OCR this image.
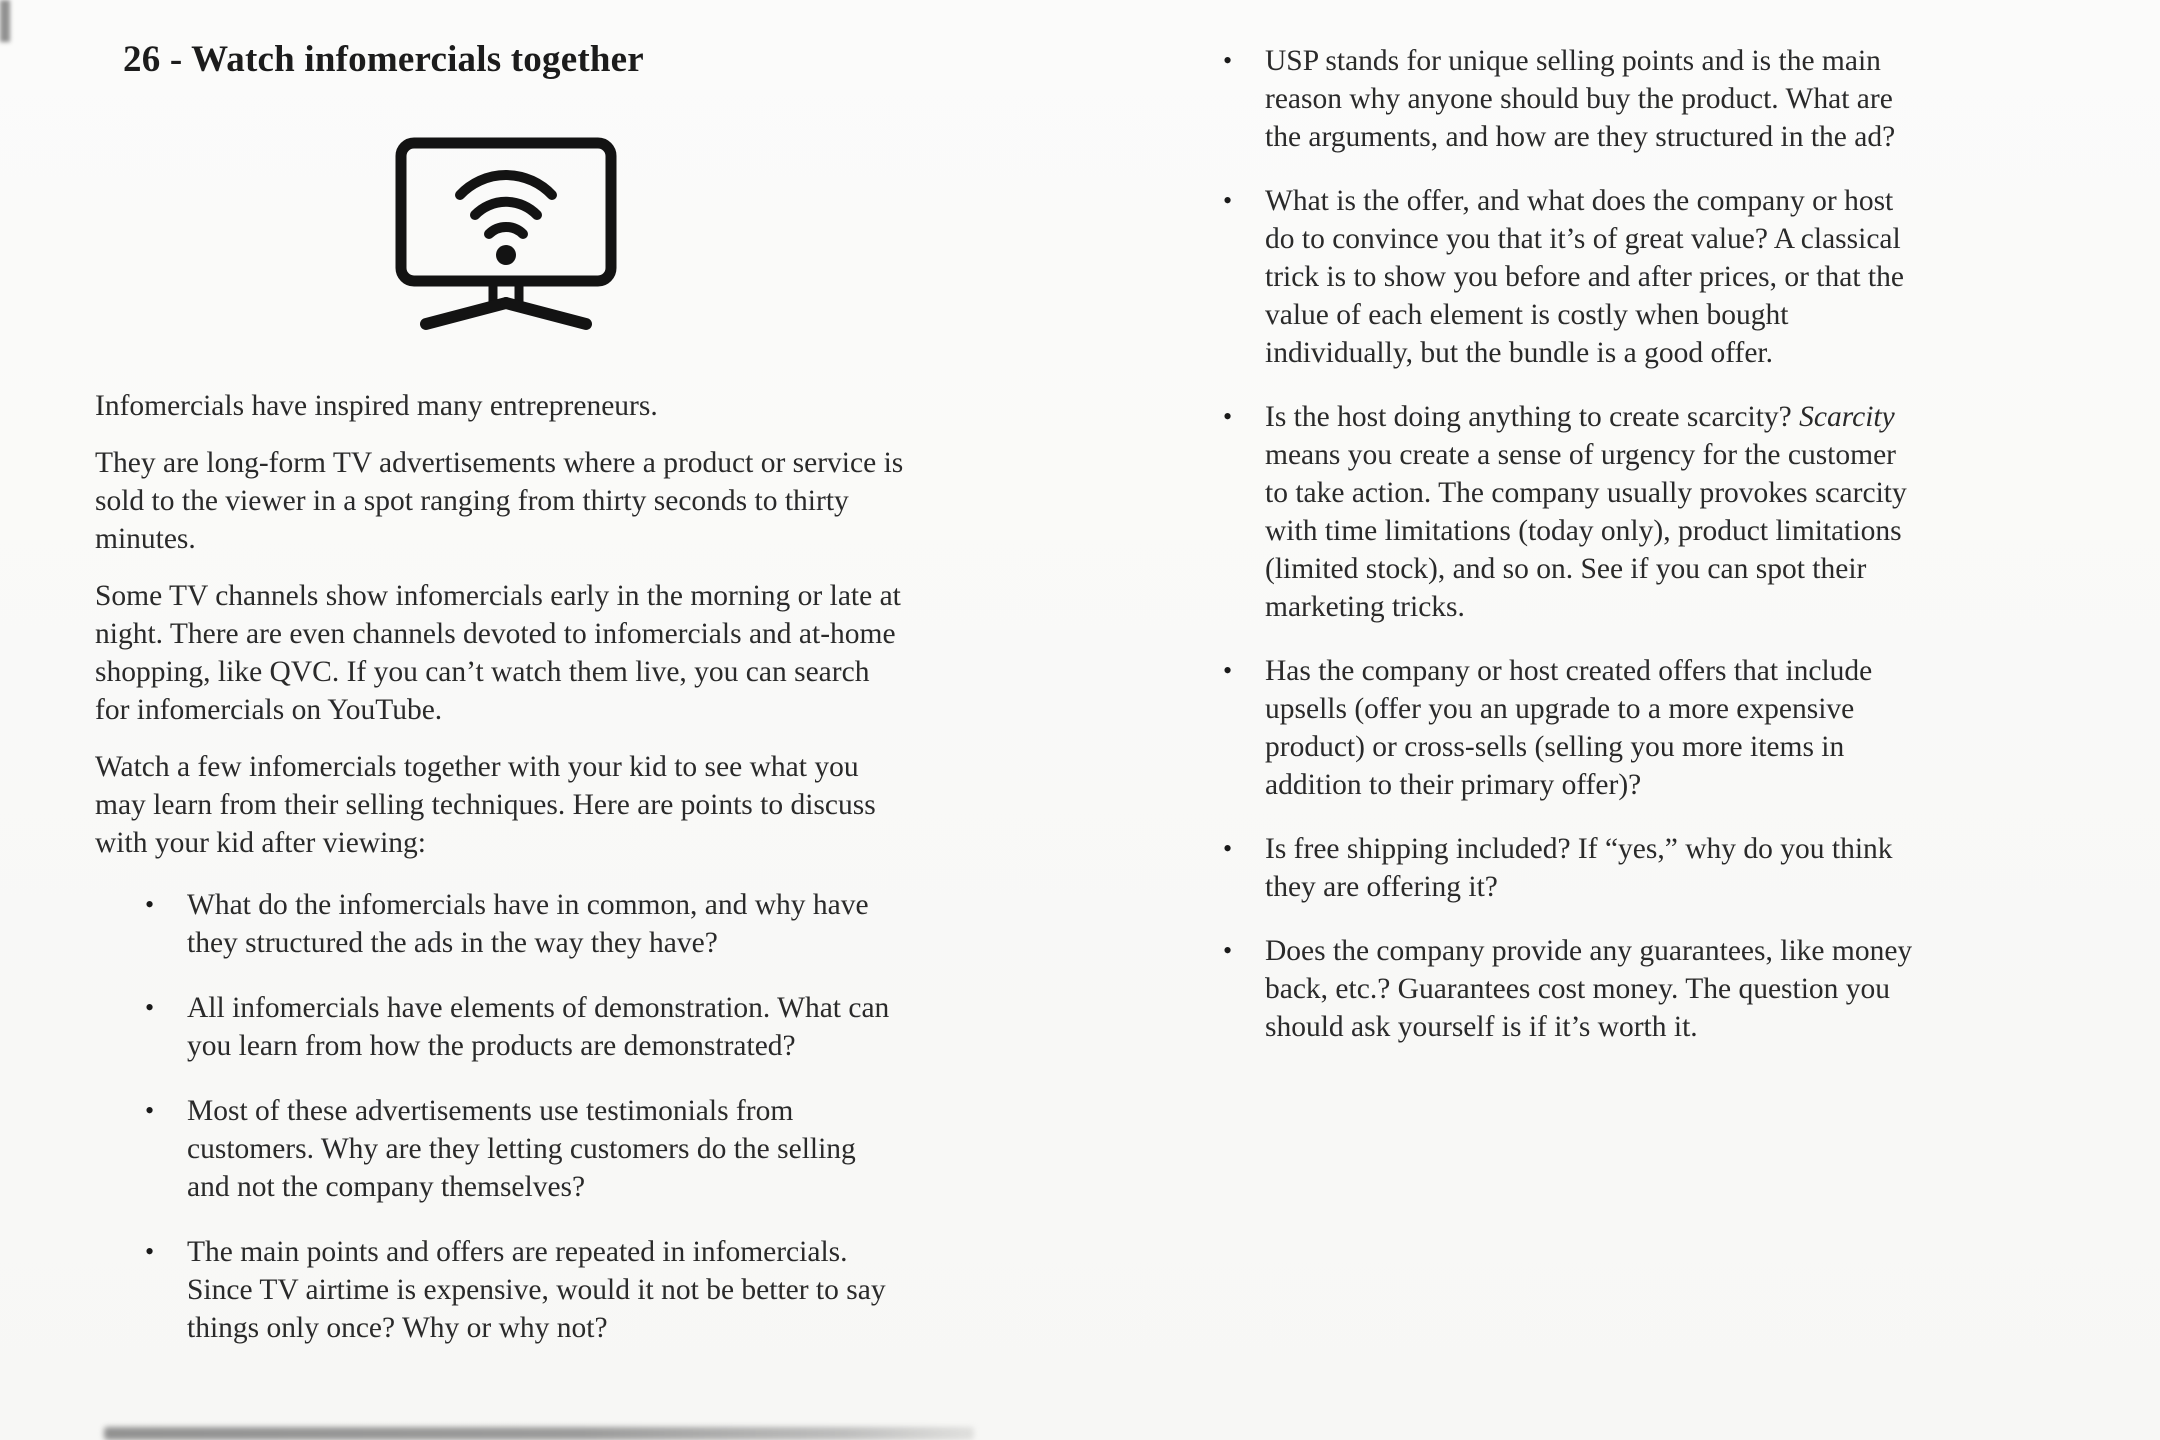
26 - Watch infomercials together

Infomercials have inspired many entrepreneurs.

They are long-form TV advertisements where a product or service is sold to the viewer in a spot ranging from thirty seconds to thirty minutes.

Some TV channels show infomercials early in the morning or late at night. There are even channels devoted to infomercials and at-home shopping, like QVC. If you can’t watch them live, you can search for infomercials on YouTube.

Watch a few infomercials together with your kid to see what you may learn from their selling techniques. Here are points to discuss with your kid after viewing:

•	What do the infomercials have in common, and why have they structured the ads in the way they have?
•	All infomercials have elements of demonstration. What can you learn from how the products are demonstrated?
•	Most of these advertisements use testimonials from customers. Why are they letting customers do the selling and not the company themselves?
•	The main points and offers are repeated in infomercials. Since TV airtime is expensive, would it not be better to say things only once? Why or why not?
•	USP stands for unique selling points and is the main reason why anyone should buy the product. What are the arguments, and how are they structured in the ad?
•	What is the offer, and what does the company or host do to convince you that it’s of great value? A classical trick is to show you before and after prices, or that the value of each element is costly when bought individually, but the bundle is a good offer.
•	Is the host doing anything to create scarcity? Scarcity means you create a sense of urgency for the customer to take action. The company usually provokes scarcity with time limitations (today only), product limitations (limited stock), and so on. See if you can spot their marketing tricks.
•	Has the company or host created offers that include upsells (offer you an upgrade to a more expensive product) or cross-sells (selling you more items in addition to their primary offer)?
•	Is free shipping included? If “yes,” why do you think they are offering it?
•	Does the company provide any guarantees, like money back, etc.? Guarantees cost money. The question you should ask yourself is if it’s worth it.
